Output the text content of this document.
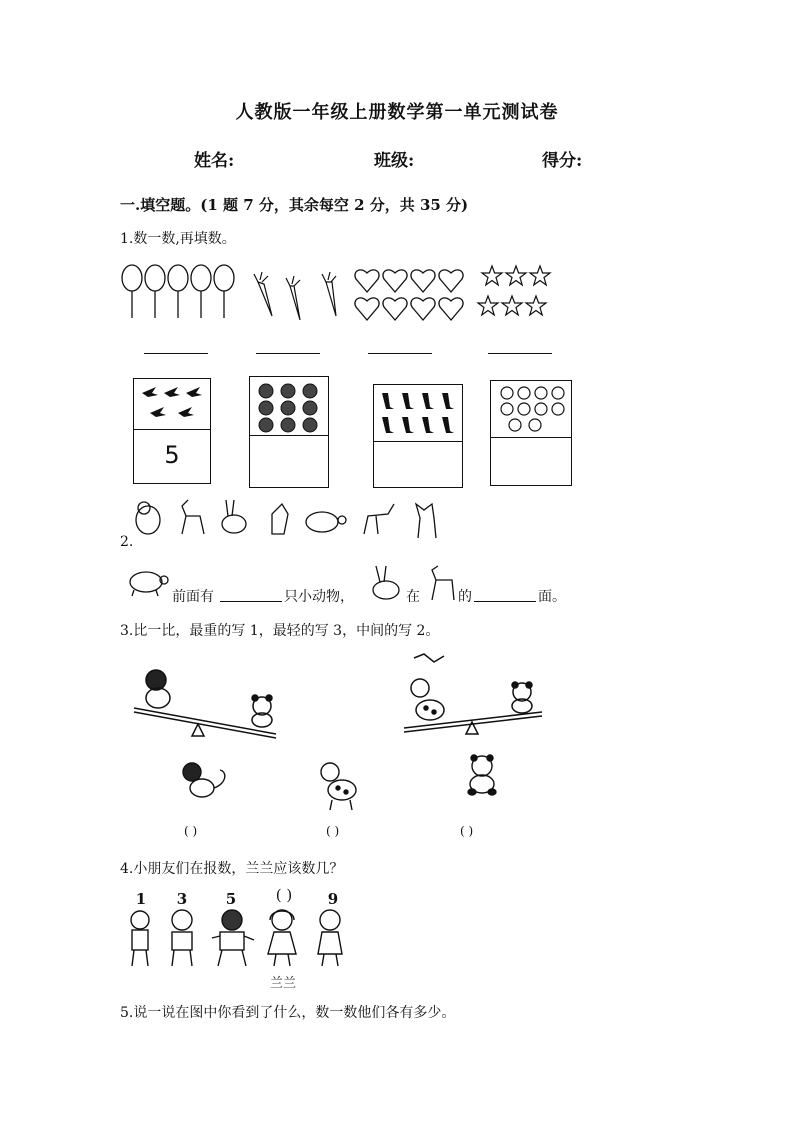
人教版一年级上册数学第一单元测试卷
姓名:	班级:	得分:
一.填空题。(1 题 7 分，其余每空 2 分，共 35 分)
1.数一数,再填数。
5
2.
前面有	只小动物，	在	的	面。
3.比一比，最重的写 1，最轻的写 3，中间的写 2。
( )	( )	( )
4.小朋友们在报数，兰兰应该数几？
1	3	5	( )	9
兰兰
5.说一说在图中你看到了什么，数一数他们各有多少。
